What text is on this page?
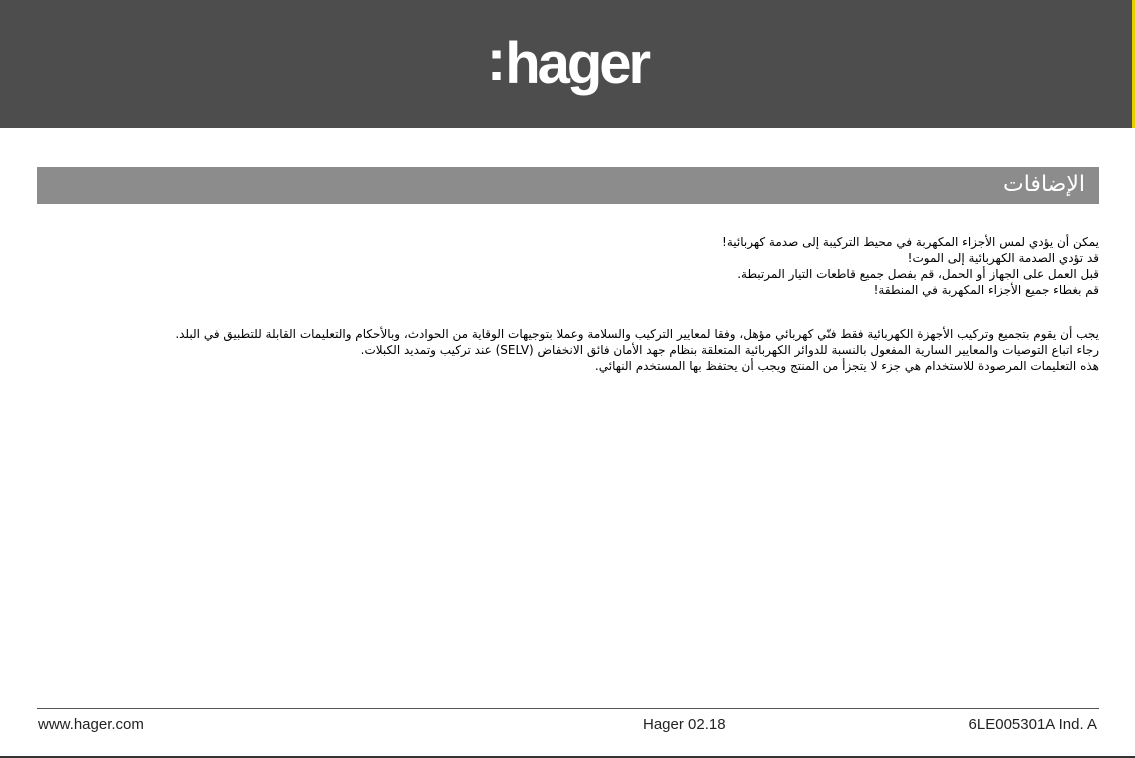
:hager
الإضافات

يمكن أن يؤدي لمس الأجزاء المكهربة في محيط التركيبة إلى صدمة كهربائية!

قد تؤدي الصدمة الكهربائية إلى الموت!

قبل العمل على الجهاز أو الحمل، قم بفصل جميع قاطعات التيار المرتبطة.

قم بغطاء جميع الأجزاء المكهربة في المنطقة!

يجب أن يقوم بتجميع وتركيب الأجهزة الكهربائية فقط فنّي كهربائي مؤهل، وفقا لمعايير التركيب والسلامة وعملا بتوجيهات الوقاية من الحوادث، وبالأحكام والتعليمات القابلة للتطبيق في البلد.

رجاء اتباع التوصيات والمعايير السارية المفعول بالنسبة للدوائر الكهربائية المتعلقة بنظام جهد الأمان فائق الانخفاض (SELV) عند تركيب وتمديد الكبلات.

هذه التعليمات المرصودة للاستخدام هي جزء لا يتجزأ من المنتج ويجب أن يحتفظ بها المستخدم النهائي.

www.hager.com	Hager 02.18	6LE005301A Ind. A
